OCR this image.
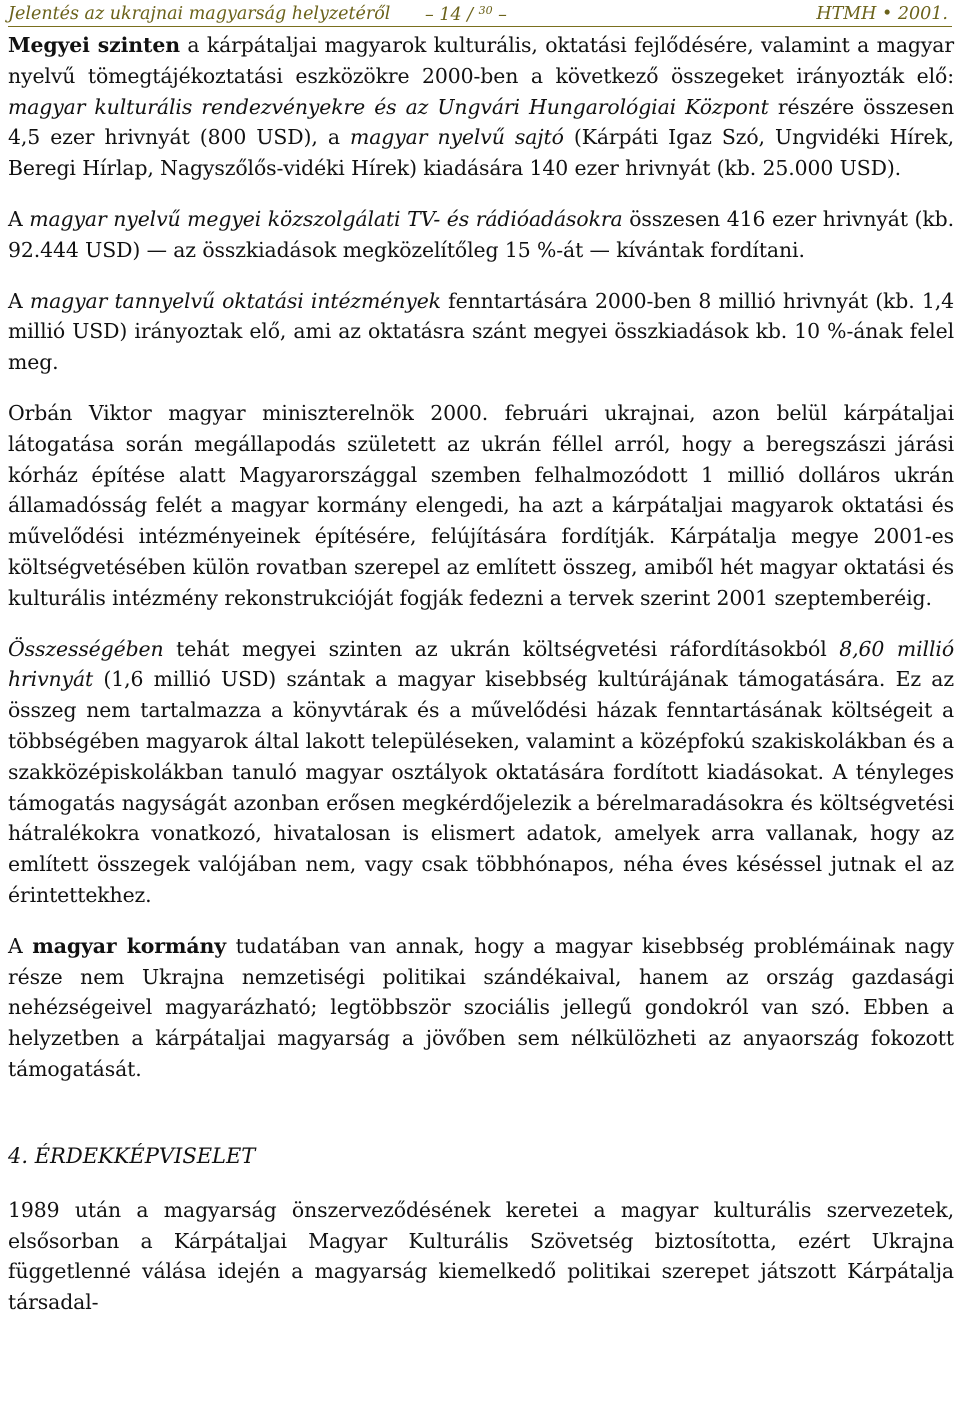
Jelentés az ukrajnai magyarság helyzetéről – 14 / $^{30}$ –	HTMH • 2001.

Megyei szinten a kárpátaljai magyarok kulturális, oktatási fejlődésére, valamint a magyar nyelvű tömegtájékoztatási eszközökre 2000-ben a következő összegeket irányozták elő: magyar kulturális rendezvényekre és az Ungvári Hungarológiai Központ részére összesen 4,5 ezer hrivnyát (800 USD), a magyar nyelvű sajtó (Kárpáti Igaz Szó, Ungvidéki Hírek, Beregi Hírlap, Nagyszőlős-vidéki Hírek) kiadására 140 ezer hrivnyát (kb. 25.000 USD).

A magyar nyelvű megyei közszolgálati TV- és rádióadásokra összesen 416 ezer hrivnyát (kb. 92.444 USD) — az összkiadások megközelítőleg 15 %-át — kívántak fordítani.

A magyar tannyelvű oktatási intézmények fenntartására 2000-ben 8 millió hrivnyát (kb. 1,4 millió USD) irányoztak elő, ami az oktatásra szánt megyei összkiadások kb. 10 %-ának felel meg.

Orbán Viktor magyar miniszterelnök 2000. februári ukrajnai, azon belül kárpátaljai látogatása során megállapodás született az ukrán féllel arról, hogy a beregszászi járási kórház építése alatt Magyarországgal szemben felhalmozódott 1 millió dolláros ukrán államadósság felét a magyar kormány elengedi, ha azt a kárpátaljai magyarok oktatási és művelődési intézményeinek építésére, felújítására fordítják. Kárpátalja megye 2001-es költségvetésében külön rovatban szerepel az említett összeg, amiből hét magyar oktatási és kulturális intézmény rekonstrukcióját fogják fedezni a tervek szerint 2001 szeptemberéig.

Összességében tehát megyei szinten az ukrán költségvetési ráfordításokból 8,60 millió hrivnyát (1,6 millió USD) szántak a magyar kisebbség kultúrájának támogatására. Ez az összeg nem tartalmazza a könyvtárak és a művelődési házak fenntartásának költségeit a többségében magyarok által lakott településeken, valamint a középfokú szakiskolákban és a szakközépiskolákban tanuló magyar osztályok oktatására fordított kiadásokat. A tényleges támogatás nagyságát azonban erősen megkérdőjelezik a bérelmaradásokra és költségvetési hátralékokra vonatkozó, hivatalosan is elismert adatok, amelyek arra vallanak, hogy az említett összegek valójában nem, vagy csak többhónapos, néha éves késéssel jutnak el az érintettekhez.

A magyar kormány tudatában van annak, hogy a magyar kisebbség problémáinak nagy része nem Ukrajna nemzetiségi politikai szándékaival, hanem az ország gazdasági nehézségeivel magyarázható; legtöbbször szociális jellegű gondokról van szó. Ebben a helyzetben a kárpátaljai magyarság a jövőben sem nélkülözheti az anyaország fokozott támogatását.

4. ÉRDEKKÉPVISELET

1989 után a magyarság önszerveződésének keretei a magyar kulturális szervezetek, elsősorban a Kárpátaljai Magyar Kulturális Szövetség biztosította, ezért Ukrajna függetlenné válása idején a magyarság kiemelkedő politikai szerepet játszott Kárpátalja társadal-
